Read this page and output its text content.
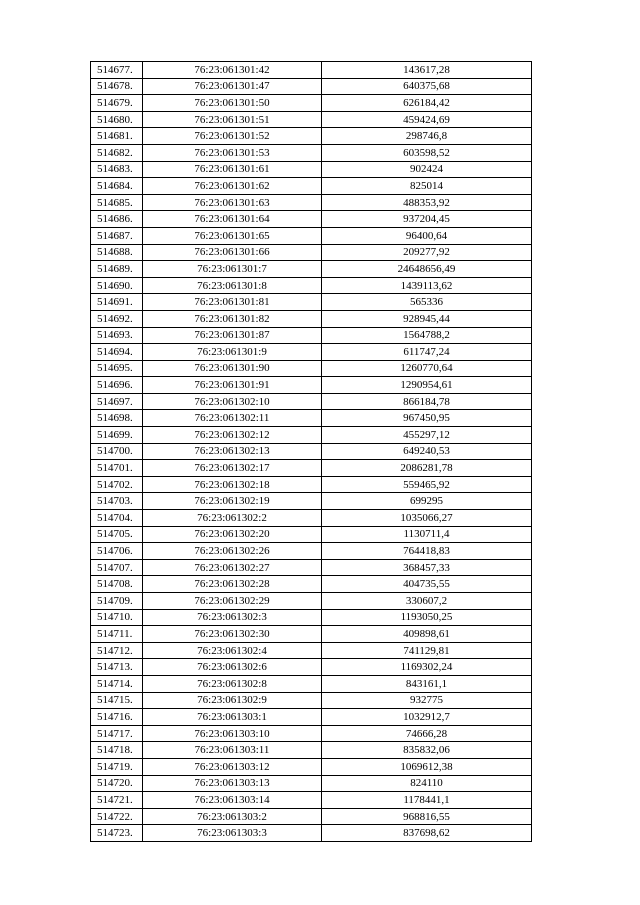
514677.	76:23:061301:42	143617,28
514678.	76:23:061301:47	640375,68
514679.	76:23:061301:50	626184,42
514680.	76:23:061301:51	459424,69
514681.	76:23:061301:52	298746,8
514682.	76:23:061301:53	603598,52
514683.	76:23:061301:61	902424
514684.	76:23:061301:62	825014
514685.	76:23:061301:63	488353,92
514686.	76:23:061301:64	937204,45
514687.	76:23:061301:65	96400,64
514688.	76:23:061301:66	209277,92
514689.	76:23:061301:7	24648656,49
514690.	76:23:061301:8	1439113,62
514691.	76:23:061301:81	565336
514692.	76:23:061301:82	928945,44
514693.	76:23:061301:87	1564788,2
514694.	76:23:061301:9	611747,24
514695.	76:23:061301:90	1260770,64
514696.	76:23:061301:91	1290954,61
514697.	76:23:061302:10	866184,78
514698.	76:23:061302:11	967450,95
514699.	76:23:061302:12	455297,12
514700.	76:23:061302:13	649240,53
514701.	76:23:061302:17	2086281,78
514702.	76:23:061302:18	559465,92
514703.	76:23:061302:19	699295
514704.	76:23:061302:2	1035066,27
514705.	76:23:061302:20	1130711,4
514706.	76:23:061302:26	764418,83
514707.	76:23:061302:27	368457,33
514708.	76:23:061302:28	404735,55
514709.	76:23:061302:29	330607,2
514710.	76:23:061302:3	1193050,25
514711.	76:23:061302:30	409898,61
514712.	76:23:061302:4	741129,81
514713.	76:23:061302:6	1169302,24
514714.	76:23:061302:8	843161,1
514715.	76:23:061302:9	932775
514716.	76:23:061303:1	1032912,7
514717.	76:23:061303:10	74666,28
514718.	76:23:061303:11	835832,06
514719.	76:23:061303:12	1069612,38
514720.	76:23:061303:13	824110
514721.	76:23:061303:14	1178441,1
514722.	76:23:061303:2	968816,55
514723.	76:23:061303:3	837698,62
